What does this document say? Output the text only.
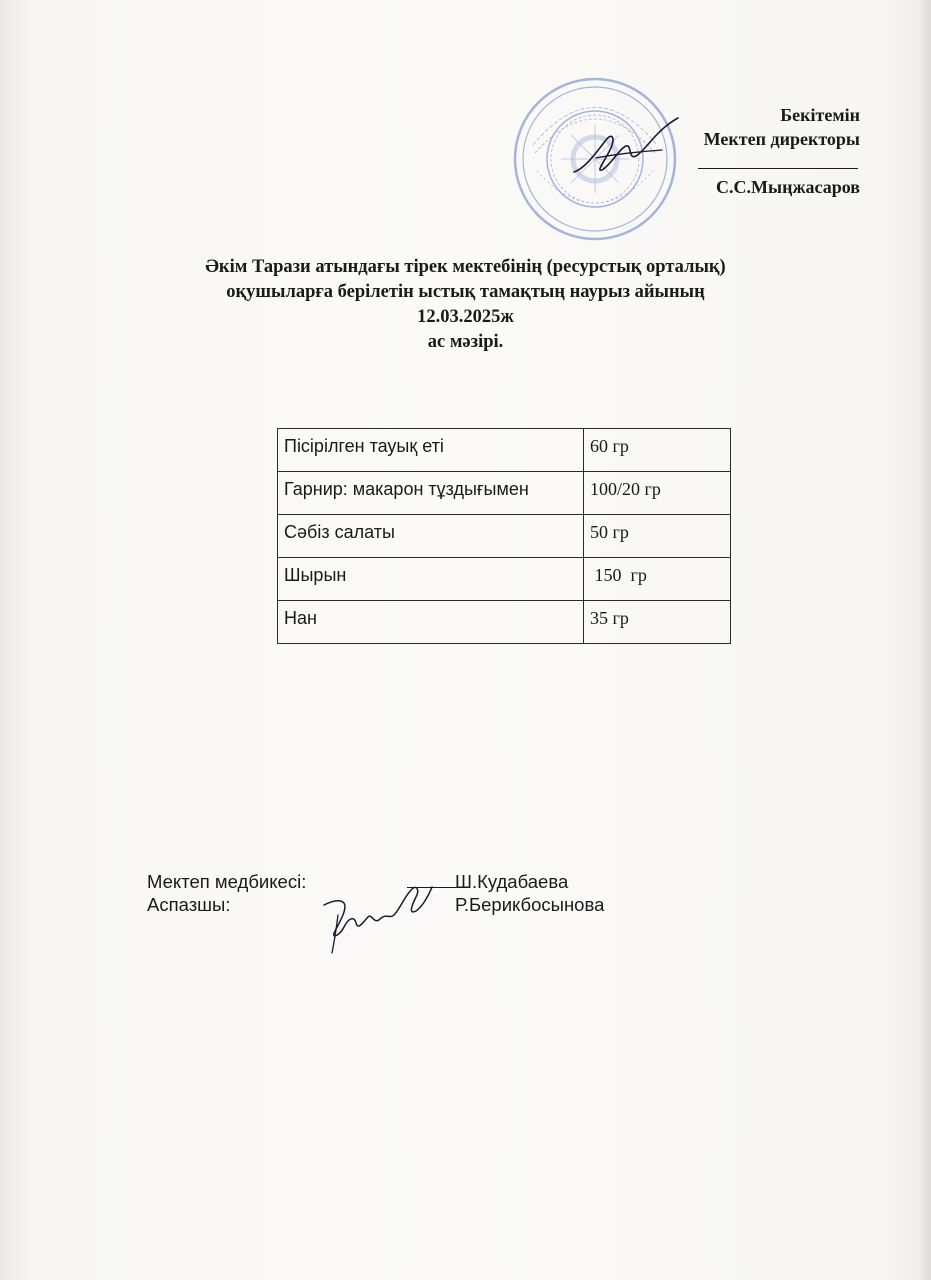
Бекітемін
Мектеп директоры
С.С.Мыңжасаров
Әкім Тарази атындағы тірек мектебінің (ресурстық орталық)
оқушыларға берілетін ыстық тамақтың наурыз айының
12.03.2025ж
ас мәзірі.
Пісірілген тауық еті	60 гр
Гарнир: макарон тұздығымен	100/20 гр
Сәбіз салаты	50 гр
Шырын	150  гр
Нан	35 гр
Мектеп медбикесі:	Ш.Кудабаева
Аспазшы:	Р.Берикбосынова
